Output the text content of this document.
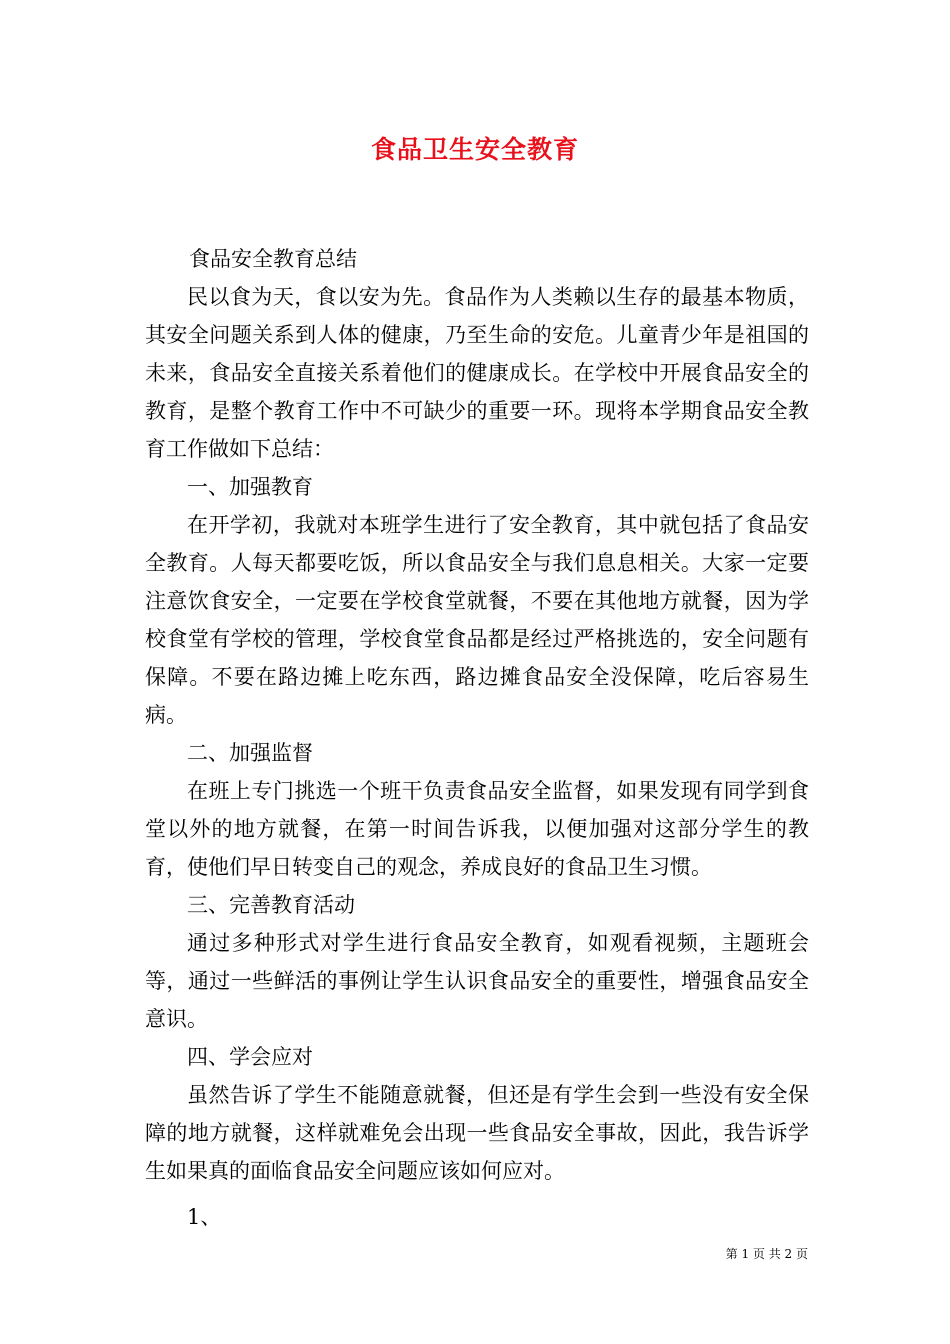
食品卫生安全教育

食品安全教育总结

民以食为天，食以安为先。食品作为人类赖以生存的最基本物质，其安全问题关系到人体的健康，乃至生命的安危。儿童青少年是祖国的未来，食品安全直接关系着他们的健康成长。在学校中开展食品安全的教育，是整个教育工作中不可缺少的重要一环。现将本学期食品安全教育工作做如下总结：

一、加强教育

在开学初，我就对本班学生进行了安全教育，其中就包括了食品安全教育。人每天都要吃饭，所以食品安全与我们息息相关。大家一定要注意饮食安全，一定要在学校食堂就餐，不要在其他地方就餐，因为学校食堂有学校的管理，学校食堂食品都是经过严格挑选的，安全问题有保障。不要在路边摊上吃东西，路边摊食品安全没保障，吃后容易生病。

二、加强监督

在班上专门挑选一个班干负责食品安全监督，如果发现有同学到食堂以外的地方就餐，在第一时间告诉我，以便加强对这部分学生的教育，使他们早日转变自己的观念，养成良好的食品卫生习惯。

三、完善教育活动

通过多种形式对学生进行食品安全教育，如观看视频，主题班会等，通过一些鲜活的事例让学生认识食品安全的重要性，增强食品安全意识。

四、学会应对

虽然告诉了学生不能随意就餐，但还是有学生会到一些没有安全保障的地方就餐，这样就难免会出现一些食品安全事故，因此，我告诉学生如果真的面临食品安全问题应该如何应对。

1、

第 1 页 共 2 页
